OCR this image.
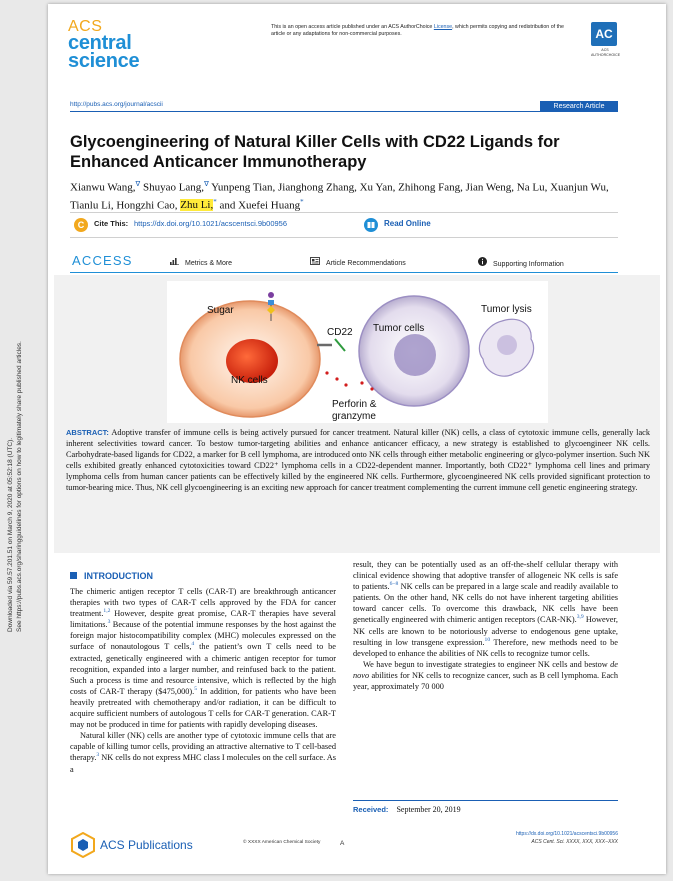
Downloaded via 59.57.201.51 on March 9, 2020 at 05:52:18 (UTC). See https://pubs.acs.org/sharingguidelines for options on how to legitimately share published articles.
ACS
central
science
This is an open access article published under an ACS AuthorChoice License, which permits copying and redistribution of the article or any adaptations for non-commercial purposes.	AC
ACS
AUTHORCHOICE
http://pubs.acs.org/journal/acscii	Research Article
Glycoengineering of Natural Killer Cells with CD22 Ligands for Enhanced Anticancer Immunotherapy
Xianwu Wang,∇ Shuyao Lang,∇ Yunpeng Tian, Jianghong Zhang, Xu Yan, Zhihong Fang, Jian Weng, Na Lu, Xuanjun Wu, Tianlu Li, Hongzhi Cao, Zhu Li,* and Xuefei Huang*
C	Cite This: https://dx.doi.org/10.1021/acscentsci.9b00956	Read Online
ACCESS	Metrics & More	Article Recommendations	Supporting Information
Sugar
NK cells
CD22 Tumor cells
Tumor lysis
Perforin &
granzyme

ABSTRACT: Adoptive transfer of immune cells is being actively pursued for cancer treatment. Natural killer (NK) cells, a class of cytotoxic immune cells, generally lack inherent selectivities toward cancer. To bestow tumor-targeting abilities and enhance anticancer efficacy, a new strategy is established to glycoengineer NK cells. Carbohydrate-based ligands for CD22, a marker for B cell lymphoma, are introduced onto NK cells through either metabolic engineering or glyco-polymer insertion. Such NK cells exhibited greatly enhanced cytotoxicities toward CD22⁺ lymphoma cells in a CD22-dependent manner. Importantly, both CD22⁺ lymphoma cell lines and primary lymphoma cells from human cancer patients can be effectively killed by the engineered NK cells. Furthermore, glycoengineered NK cells provided significant protection to tumor-bearing mice. Thus, NK cell glycoengineering is an exciting new approach for cancer treatment complementing the current immune cell genetic engineering strategy.

INTRODUCTION

The chimeric antigen receptor T cells (CAR-T) are breakthrough anticancer therapies with two types of CAR-T cells approved by the FDA for cancer treatment.$^{1,2}$ However, despite great promise, CAR-T therapies have several limitations.$^3$ Because of the potential immune responses by the host against the foreign major histocompatibility complex (MHC) molecules expressed on the surface of nonautologous T cells,$^4$ the patient’s own T cells need to be extracted, genetically engineered with a chimeric antigen receptor for tumor recognition, expanded into a larger number, and reinfused back to the patient. Such a process is time and resource intensive, which is reflected by the high costs of CAR-T therapy ($475,000).$^5$ In addition, for patients who have been heavily pretreated with chemotherapy and/or radiation, it can be difficult to acquire sufficient numbers of autologous T cells for CAR-T generation. CAR-T may not be produced in time for patients with rapidly developing diseases.

Natural killer (NK) cells are another type of cytotoxic immune cells that are capable of killing tumor cells, providing an attractive alternative to T cell-based therapy.$^3$ NK cells do not express MHC class I molecules on the cell surface. As a

result, they can be potentially used as an off-the-shelf cellular therapy with clinical evidence showing that adoptive transfer of allogeneic NK cells is safe to patients.$^{6-8}$ NK cells can be prepared in a large scale and readily available to patients. On the other hand, NK cells do not have inherent targeting abilities toward cancer cells. To overcome this drawback, NK cells have been genetically engineered with chimeric antigen receptors (CAR-NK).$^{3,9}$ However, NK cells are known to be notoriously adverse to endogenous gene uptake, resulting in low transgene expression.$^{10}$ Therefore, new methods need to be developed to enhance the abilities of NK cells to recognize tumor cells.

We have begun to investigate strategies to engineer NK cells and bestow de novo abilities for NK cells to recognize cancer, such as B cell lymphoma. Each year, approximately 70 000

Received: September 20, 2019
ACS Publications	© XXXX American Chemical Society	A
https://dx.doi.org/10.1021/acscentsci.9b00956
ACS Cent. Sci. XXXX, XXX, XXX−XXX
